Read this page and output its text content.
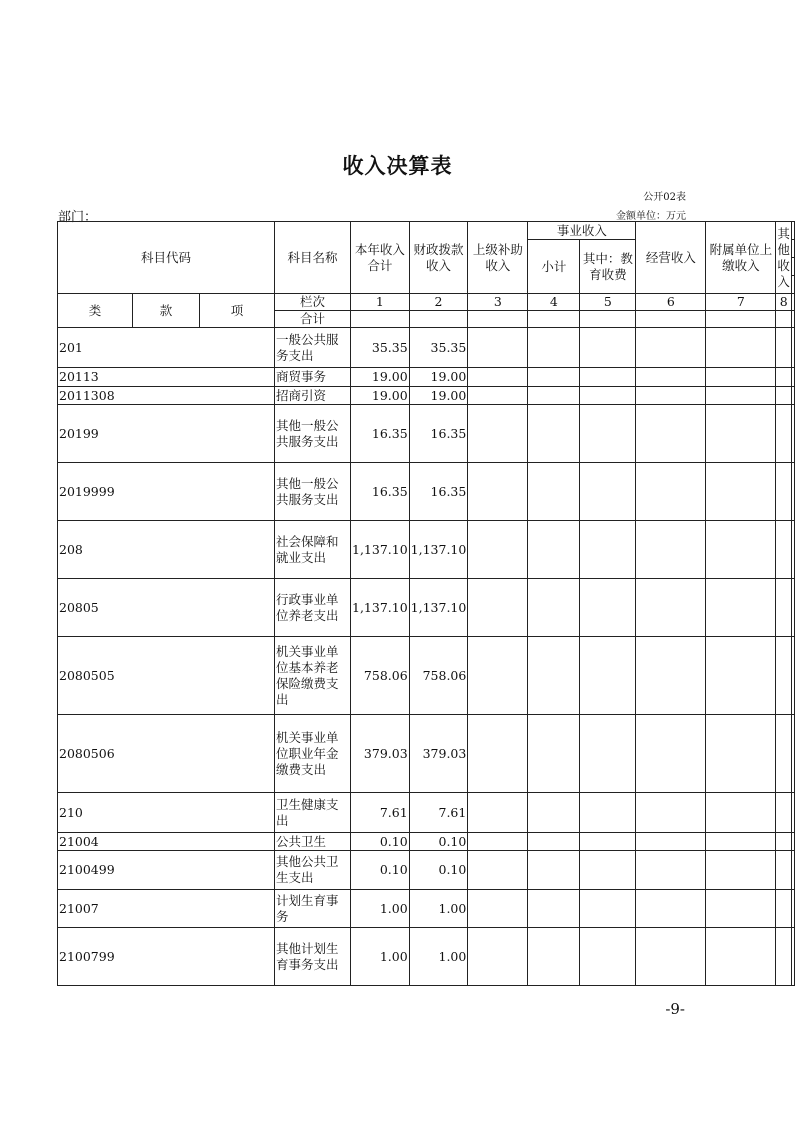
收入决算表
公开02表
部门：	金额单位：万元
科目代码			科目名称	本年收入合计	财政拨款收入	上级补助收入	事业收入		经营收入	附属单位上缴收入	其他收入	
							小计	其中：教育收费				

类	款	项	栏次	1	2	3	4	5	6	7	8	
			合计									
201			一般公共服务支出	35.35	35.35							
20113			商贸事务	19.00	19.00							
2011308			招商引资	19.00	19.00							
20199			其他一般公共服务支出	16.35	16.35							
2019999			其他一般公共服务支出	16.35	16.35							
208			社会保障和就业支出	1,137.10	1,137.10							
20805			行政事业单位养老支出	1,137.10	1,137.10							
2080505			机关事业单位基本养老保险缴费支出	758.06	758.06							
2080506			机关事业单位职业年金缴费支出	379.03	379.03							
210			卫生健康支出	7.61	7.61							
21004			公共卫生	0.10	0.10							
2100499			其他公共卫生支出	0.10	0.10							
21007			计划生育事务	1.00	1.00							
2100799			其他计划生育事务支出	1.00	1.00							
-9-
